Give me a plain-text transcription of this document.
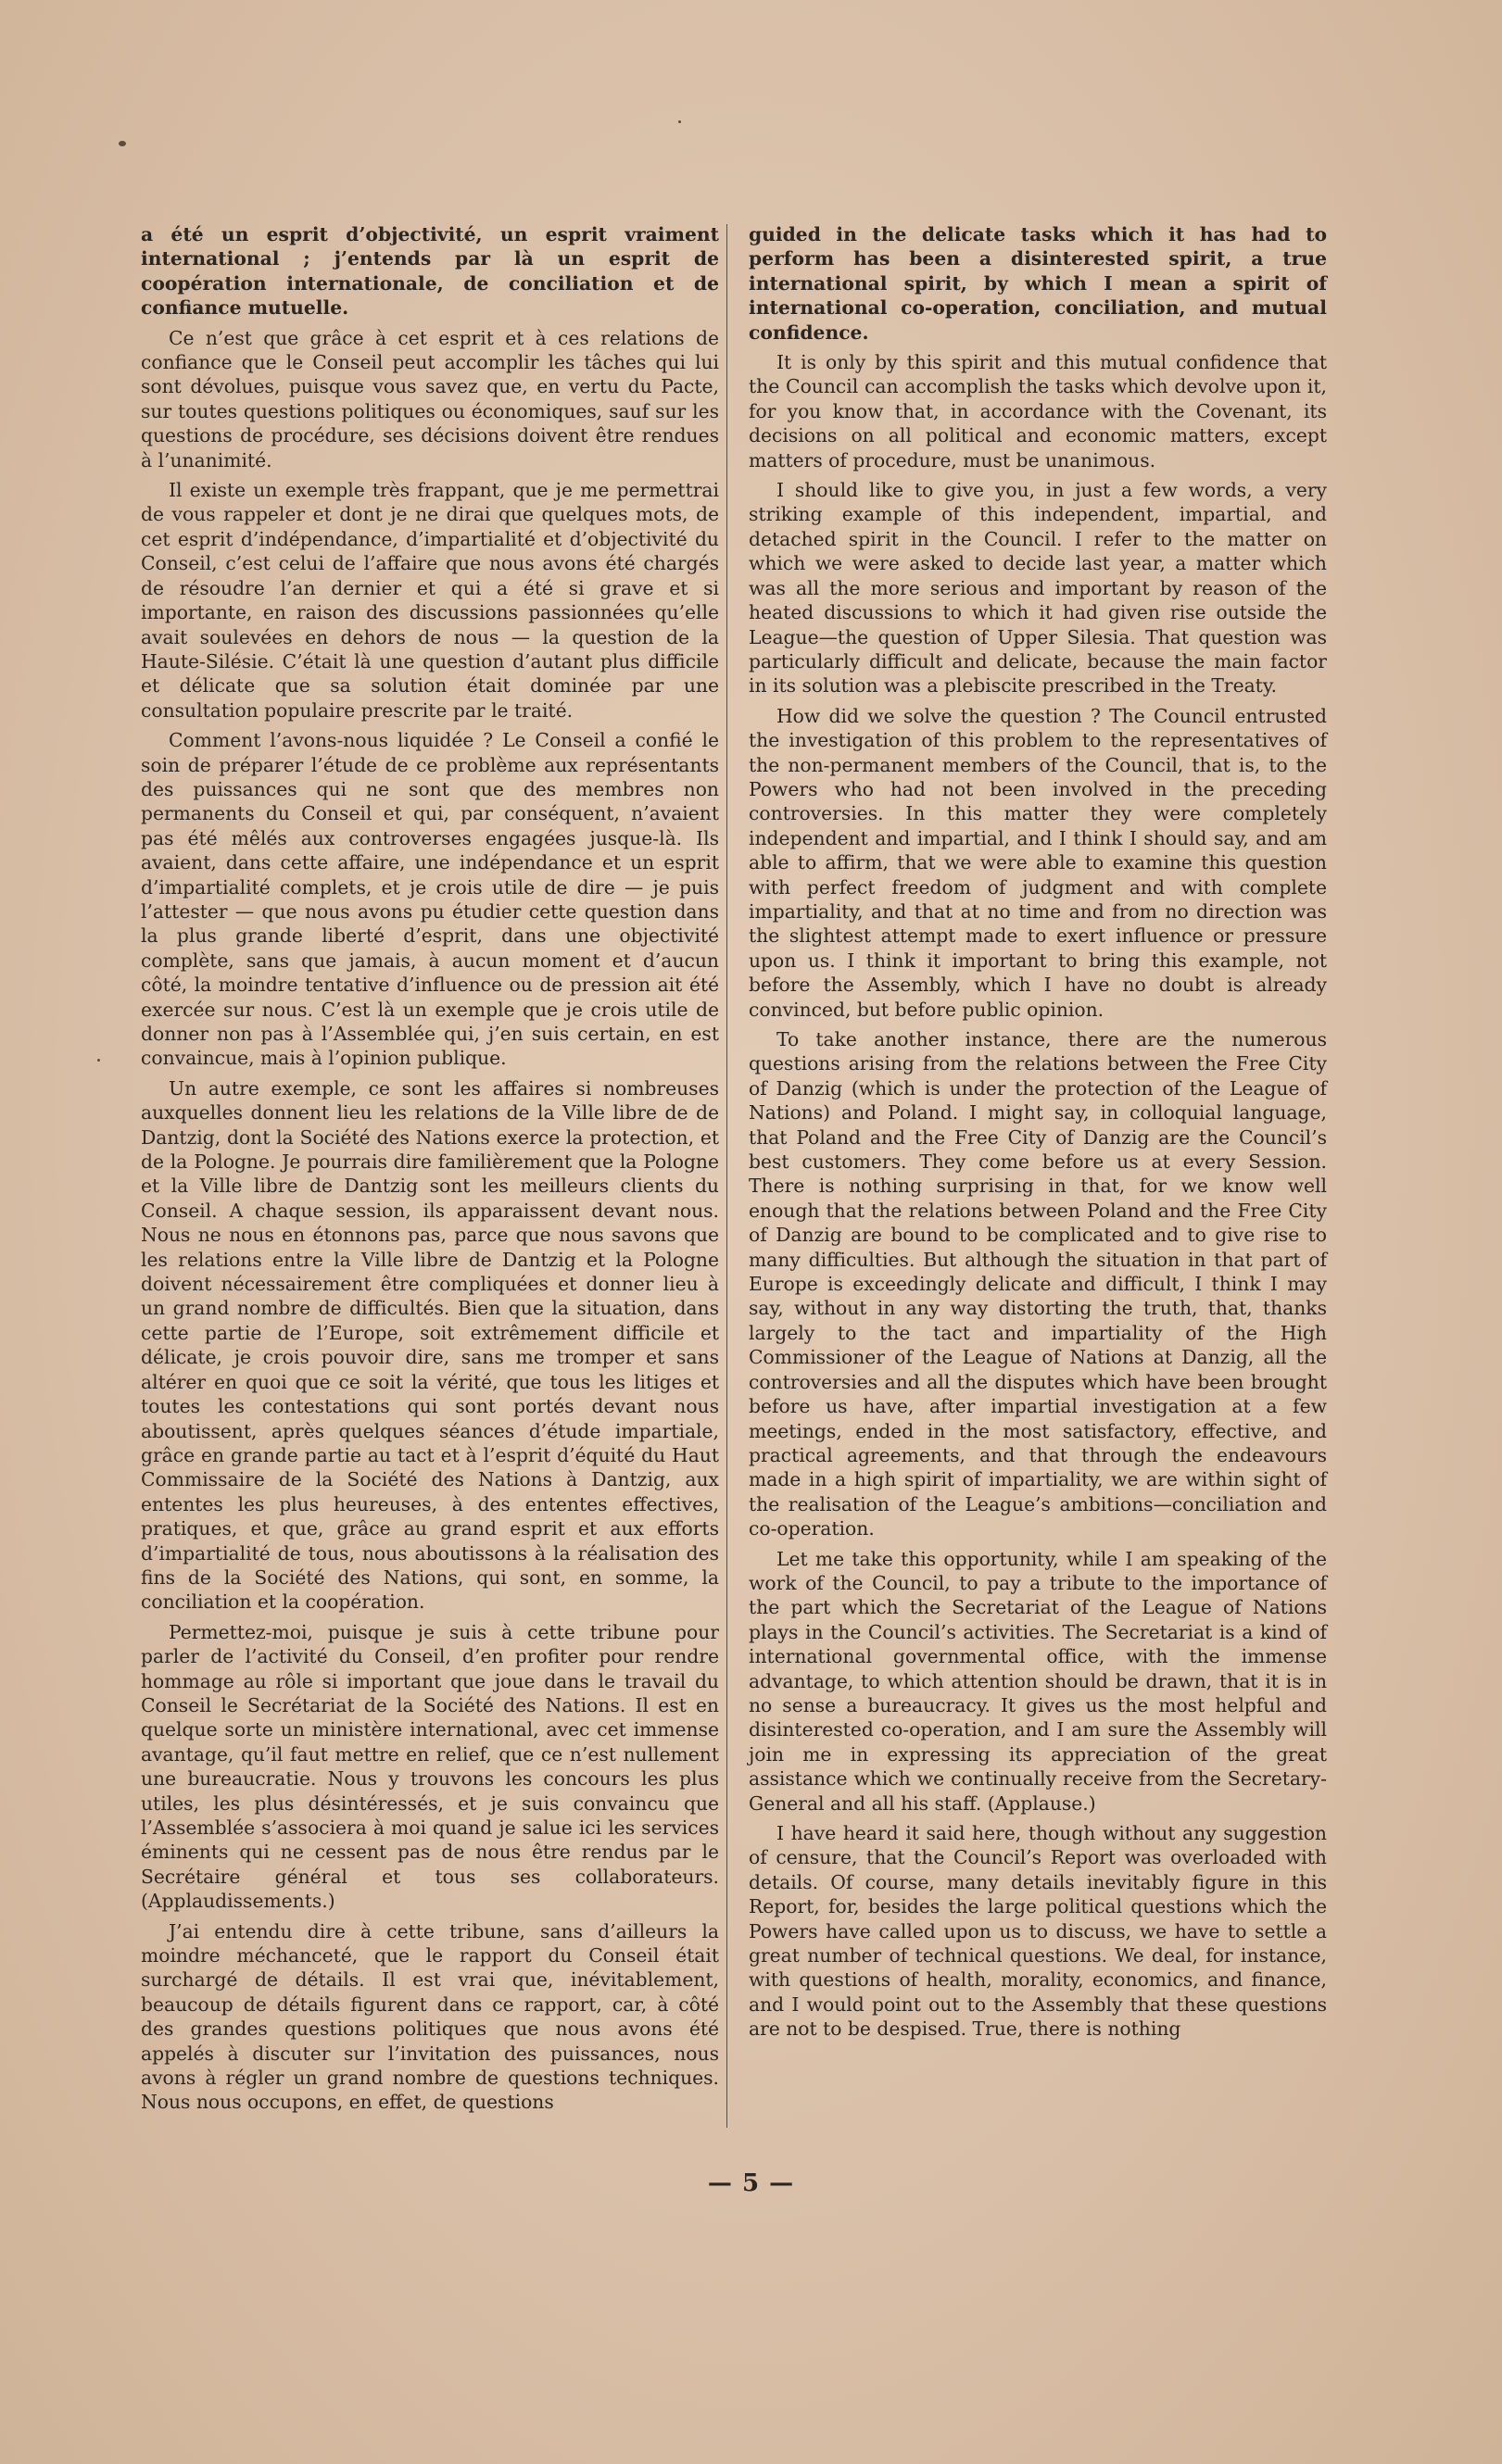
a été un esprit d’objectivité, un esprit vraiment international ; j’entends par là un esprit de coopération internationale, de conciliation et de confiance mutuelle.

Ce n’est que grâce à cet esprit et à ces relations de confiance que le Conseil peut accomplir les tâches qui lui sont dévolues, puisque vous savez que, en vertu du Pacte, sur toutes questions politiques ou économiques, sauf sur les questions de procédure, ses décisions doivent être rendues à l’unanimité.

Il existe un exemple très frappant, que je me permettrai de vous rappeler et dont je ne dirai que quelques mots, de cet esprit d’indépendance, d’impartialité et d’objectivité du Conseil, c’est celui de l’affaire que nous avons été chargés de résoudre l’an dernier et qui a été si grave et si importante, en raison des discussions passionnées qu’elle avait soulevées en dehors de nous — la question de la Haute-Silésie. C’était là une question d’autant plus difficile et délicate que sa solution était dominée par une consultation populaire prescrite par le traité.

Comment l’avons-nous liquidée ? Le Conseil a confié le soin de préparer l’étude de ce problème aux représentants des puissances qui ne sont que des membres non permanents du Conseil et qui, par conséquent, n’avaient pas été mêlés aux controverses engagées jusque-là. Ils avaient, dans cette affaire, une indépendance et un esprit d’impartialité complets, et je crois utile de dire — je puis l’attester — que nous avons pu étudier cette question dans la plus grande liberté d’esprit, dans une objectivité complète, sans que jamais, à aucun moment et d’aucun côté, la moindre tentative d’influence ou de pression ait été exercée sur nous. C’est là un exemple que je crois utile de donner non pas à l’Assemblée qui, j’en suis certain, en est convaincue, mais à l’opinion publique.

Un autre exemple, ce sont les affaires si nombreuses auxquelles donnent lieu les relations de la Ville libre de de Dantzig, dont la Société des Nations exerce la protection, et de la Pologne. Je pourrais dire familièrement que la Pologne et la Ville libre de Dantzig sont les meilleurs clients du Conseil. A chaque session, ils apparaissent devant nous. Nous ne nous en étonnons pas, parce que nous savons que les relations entre la Ville libre de Dantzig et la Pologne doivent nécessairement être compliquées et donner lieu à un grand nombre de difficultés. Bien que la situation, dans cette partie de l’Europe, soit extrêmement difficile et délicate, je crois pouvoir dire, sans me tromper et sans altérer en quoi que ce soit la vérité, que tous les litiges et toutes les contestations qui sont portés devant nous aboutissent, après quelques séances d’étude impartiale, grâce en grande partie au tact et à l’esprit d’équité du Haut Commissaire de la Société des Nations à Dantzig, aux ententes les plus heureuses, à des ententes effectives, pratiques, et que, grâce au grand esprit et aux efforts d’impartialité de tous, nous aboutissons à la réalisation des fins de la Société des Nations, qui sont, en somme, la conciliation et la coopération.

Permettez-moi, puisque je suis à cette tribune pour parler de l’activité du Conseil, d’en profiter pour rendre hommage au rôle si important que joue dans le travail du Conseil le Secrétariat de la Société des Nations. Il est en quelque sorte un ministère international, avec cet immense avantage, qu’il faut mettre en relief, que ce n’est nullement une bureaucratie. Nous y trouvons les concours les plus utiles, les plus désintéressés, et je suis convaincu que l’Assemblée s’associera à moi quand je salue ici les services éminents qui ne cessent pas de nous être rendus par le Secrétaire général et tous ses collaborateurs. (Applaudissements.)

J’ai entendu dire à cette tribune, sans d’ailleurs la moindre méchanceté, que le rapport du Conseil était surchargé de détails. Il est vrai que, inévitablement, beaucoup de détails figurent dans ce rapport, car, à côté des grandes questions politiques que nous avons été appelés à discuter sur l’invitation des puissances, nous avons à régler un grand nombre de questions techniques. Nous nous occupons, en effet, de questions

guided in the delicate tasks which it has had to perform has been a disinterested spirit, a true international spirit, by which I mean a spirit of international co-operation, conciliation, and mutual confidence.

It is only by this spirit and this mutual confidence that the Council can accomplish the tasks which devolve upon it, for you know that, in accordance with the Covenant, its decisions on all political and economic matters, except matters of procedure, must be unanimous.

I should like to give you, in just a few words, a very striking example of this independent, impartial, and detached spirit in the Council. I refer to the matter on which we were asked to decide last year, a matter which was all the more serious and important by reason of the heated discussions to which it had given rise outside the League—the question of Upper Silesia. That question was particularly difficult and delicate, because the main factor in its solution was a plebiscite prescribed in the Treaty.

How did we solve the question ? The Council entrusted the investigation of this problem to the representatives of the non-permanent members of the Council, that is, to the Powers who had not been involved in the preceding controversies. In this matter they were completely independent and impartial, and I think I should say, and am able to affirm, that we were able to examine this question with perfect freedom of judgment and with complete impartiality, and that at no time and from no direction was the slightest attempt made to exert influence or pressure upon us. I think it important to bring this example, not before the Assembly, which I have no doubt is already convinced, but before public opinion.

To take another instance, there are the numerous questions arising from the relations between the Free City of Danzig (which is under the protection of the League of Nations) and Poland. I might say, in colloquial language, that Poland and the Free City of Danzig are the Council’s best customers. They come before us at every Session. There is nothing surprising in that, for we know well enough that the relations between Poland and the Free City of Danzig are bound to be complicated and to give rise to many difficulties. But although the situation in that part of Europe is exceedingly delicate and difficult, I think I may say, without in any way distorting the truth, that, thanks largely to the tact and impartiality of the High Commissioner of the League of Nations at Danzig, all the controversies and all the disputes which have been brought before us have, after impartial investigation at a few meetings, ended in the most satisfactory, effective, and practical agreements, and that through the endeavours made in a high spirit of impartiality, we are within sight of the realisation of the League’s ambitions—conciliation and co-operation.

Let me take this opportunity, while I am speaking of the work of the Council, to pay a tribute to the importance of the part which the Secretariat of the League of Nations plays in the Council’s activities. The Secretariat is a kind of international governmental office, with the immense advantage, to which attention should be drawn, that it is in no sense a bureaucracy. It gives us the most helpful and disinterested co-operation, and I am sure the Assembly will join me in expressing its appreciation of the great assistance which we continually receive from the Secretary-General and all his staff. (Applause.)

I have heard it said here, though without any suggestion of censure, that the Council’s Report was overloaded with details. Of course, many details inevitably figure in this Report, for, besides the large political questions which the Powers have called upon us to discuss, we have to settle a great number of technical questions. We deal, for instance, with questions of health, morality, economics, and finance, and I would point out to the Assembly that these questions are not to be despised. True, there is nothing

— 5 —
